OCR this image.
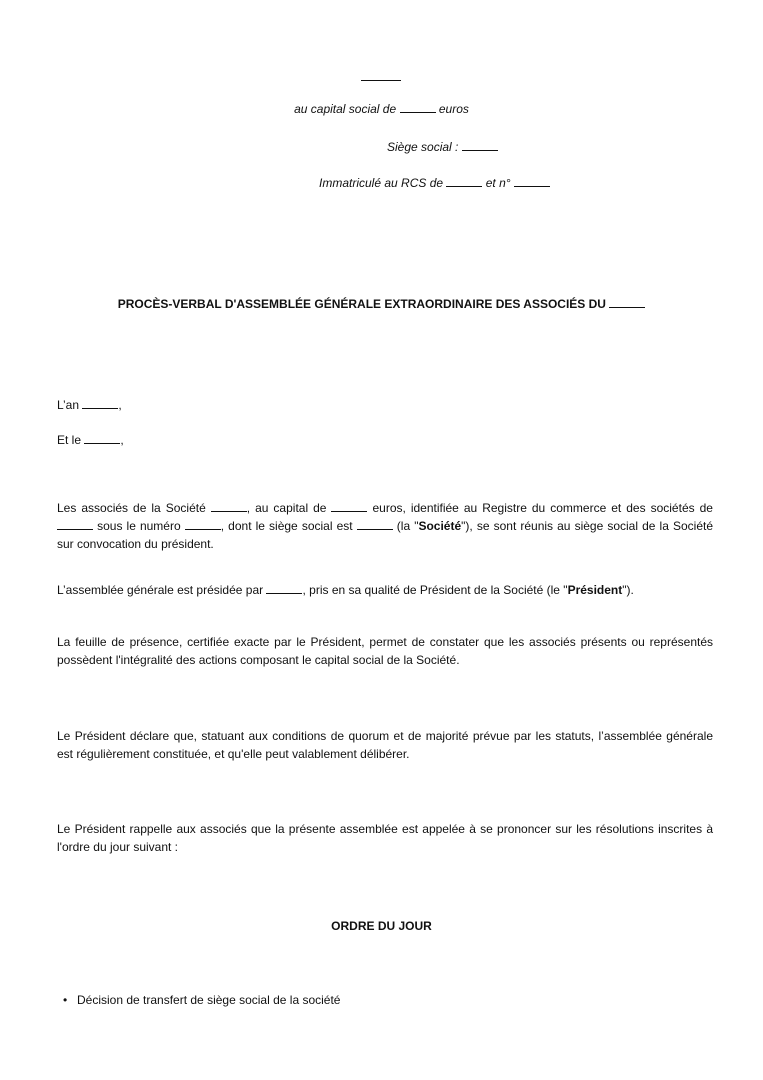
au capital social de	euros
Siège social :
Immatriculé au RCS de	et n°
PROCÈS-VERBAL D'ASSEMBLÉE GÉNÉRALE EXTRAORDINAIRE DES ASSOCIÉS DU
L’an	,
Et le	,
Les associés de la Société	, au capital de	euros, identifiée au Registre du commerce et des sociétés de  sous le numéro	, dont le siège social est	(la "Société"), se sont réunis au siège social de la Société sur convocation du président.
L’assemblée générale est présidée par	, pris en sa qualité de Président de la Société (le "Président").
La feuille de présence, certifiée exacte par le Président, permet de constater que les associés présents ou représentés possèdent l'intégralité des actions composant le capital social de la Société.
Le Président déclare que, statuant aux conditions de quorum et de majorité prévue par les statuts, l’assemblée générale est régulièrement constituée, et qu'elle peut valablement délibérer.
Le Président rappelle aux associés que la présente assemblée est appelée à se prononcer sur les résolutions inscrites à l'ordre du jour suivant :
ORDRE DU JOUR
• Décision de transfert de siège social de la société
